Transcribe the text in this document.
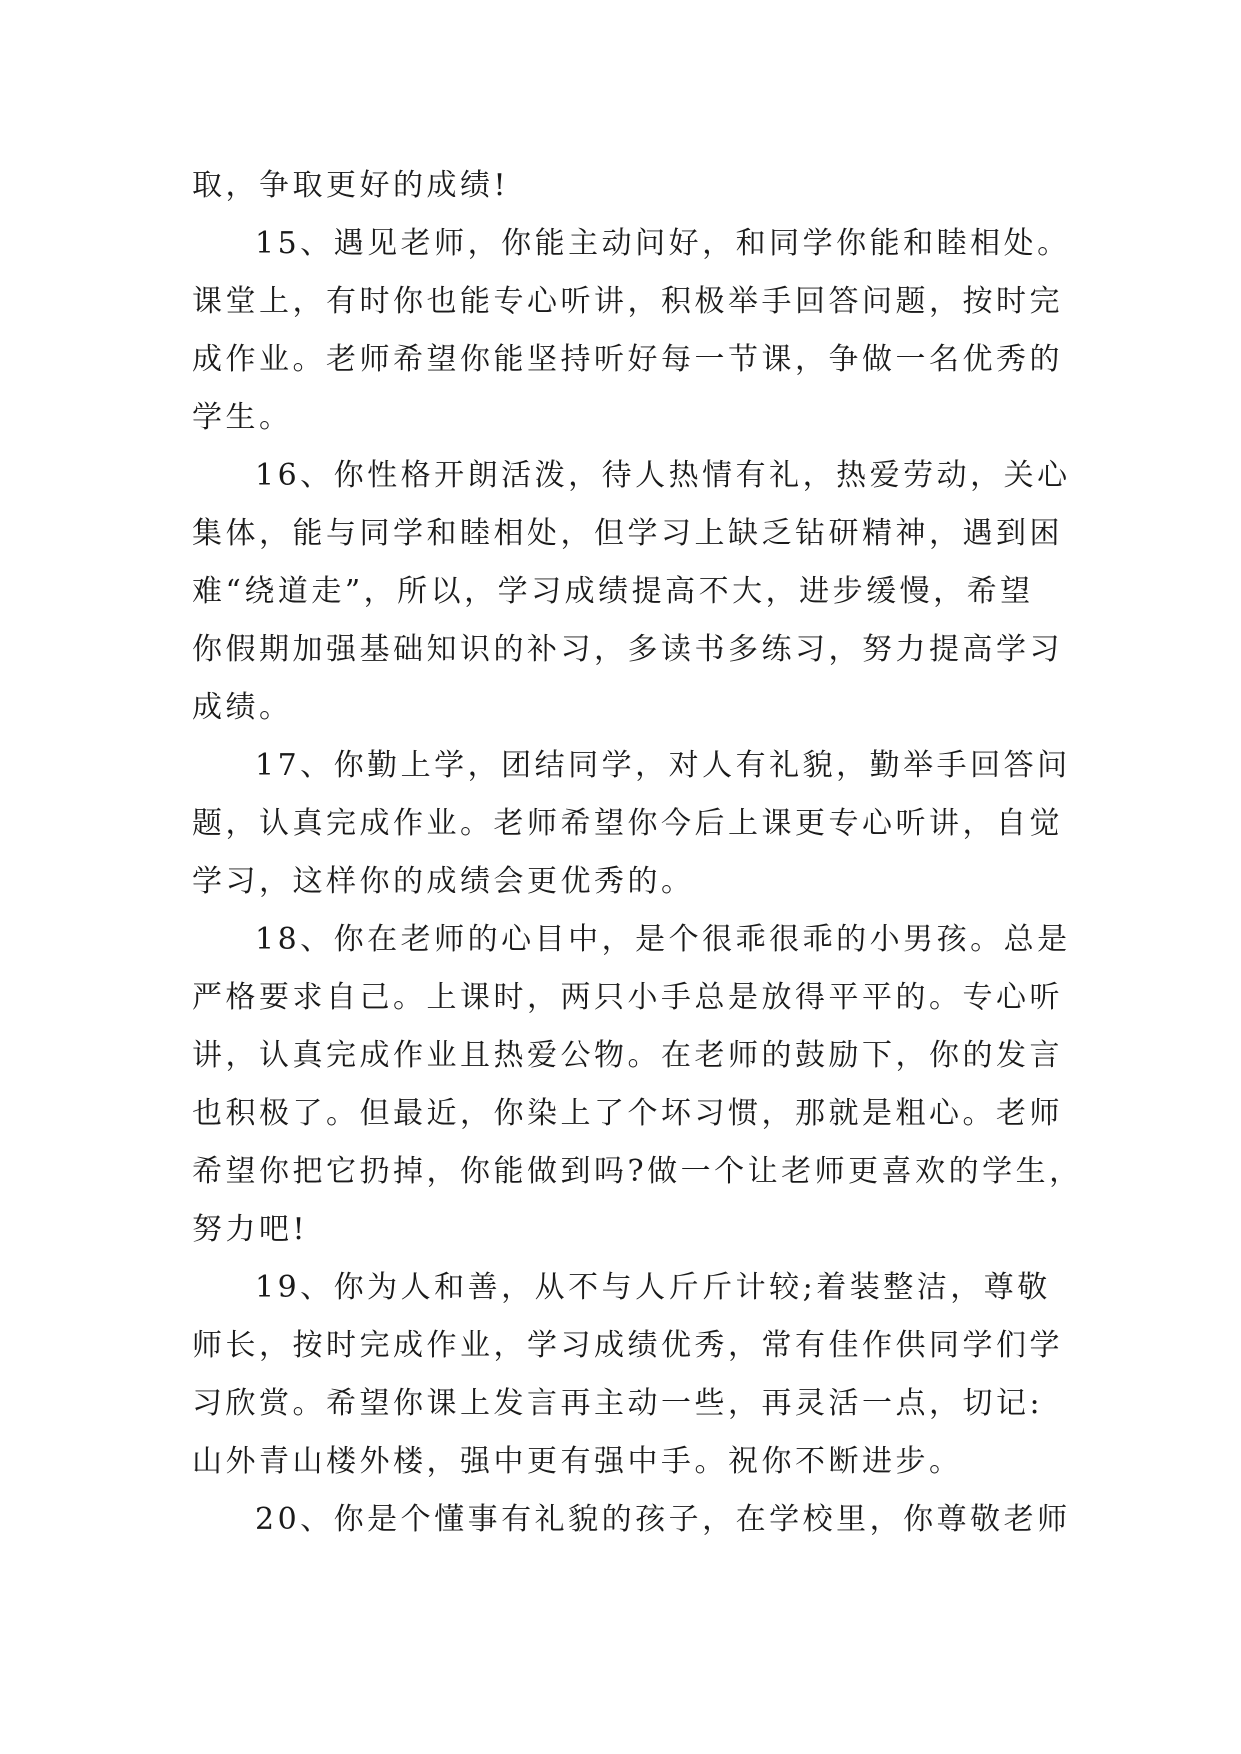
取，争取更好的成绩!
15、遇见老师，你能主动问好，和同学你能和睦相处。
课堂上，有时你也能专心听讲，积极举手回答问题，按时完
成作业。老师希望你能坚持听好每一节课，争做一名优秀的
学生。
16、你性格开朗活泼，待人热情有礼，热爱劳动，关心
集体，能与同学和睦相处，但学习上缺乏钻研精神，遇到困
难“绕道走”，所以，学习成绩提高不大，进步缓慢，希望
你假期加强基础知识的补习，多读书多练习，努力提高学习
成绩。
17、你勤上学，团结同学，对人有礼貌，勤举手回答问
题，认真完成作业。老师希望你今后上课更专心听讲，自觉
学习，这样你的成绩会更优秀的。
18、你在老师的心目中，是个很乖很乖的小男孩。总是
严格要求自己。上课时，两只小手总是放得平平的。专心听
讲，认真完成作业且热爱公物。在老师的鼓励下，你的发言
也积极了。但最近，你染上了个坏习惯，那就是粗心。老师
希望你把它扔掉，你能做到吗?做一个让老师更喜欢的学生，
努力吧!
19、你为人和善，从不与人斤斤计较;着装整洁，尊敬
师长，按时完成作业，学习成绩优秀，常有佳作供同学们学
习欣赏。希望你课上发言再主动一些，再灵活一点，切记:
山外青山楼外楼，强中更有强中手。祝你不断进步。
20、你是个懂事有礼貌的孩子，在学校里，你尊敬老师
